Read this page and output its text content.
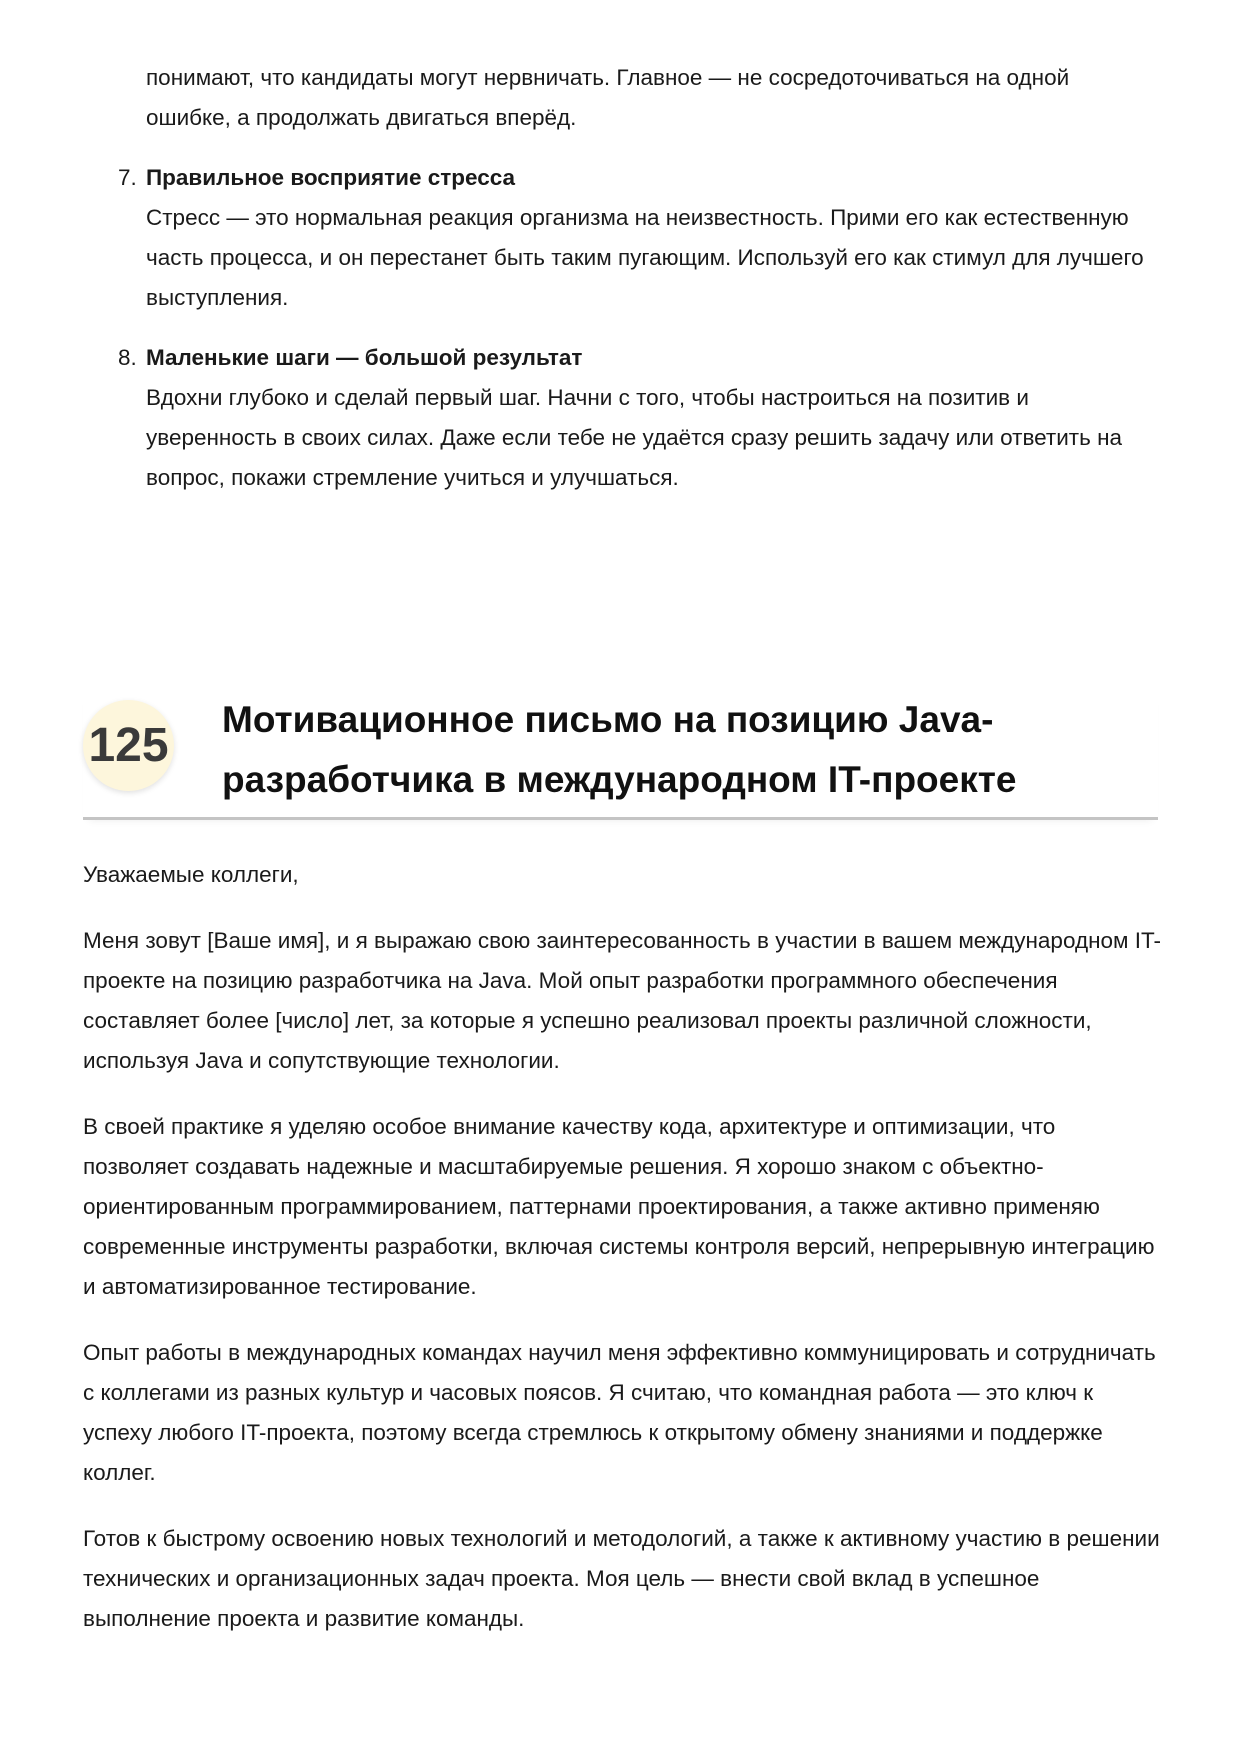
понимают, что кандидаты могут нервничать. Главное — не сосредоточиваться на одной ошибке, а продолжать двигаться вперёд.
7. Правильное восприятие стресса
Стресс — это нормальная реакция организма на неизвестность. Прими его как естественную часть процесса, и он перестанет быть таким пугающим. Используй его как стимул для лучшего выступления.
8. Маленькие шаги — большой результат
Вдохни глубоко и сделай первый шаг. Начни с того, чтобы настроиться на позитив и уверенность в своих силах. Даже если тебе не удаётся сразу решить задачу или ответить на вопрос, покажи стремление учиться и улучшаться.
125 Мотивационное письмо на позицию Java-разработчика в международном IT-проекте

Уважаемые коллеги,

Меня зовут [Ваше имя], и я выражаю свою заинтересованность в участии в вашем международном IT-проекте на позицию разработчика на Java. Мой опыт разработки программного обеспечения составляет более [число] лет, за которые я успешно реализовал проекты различной сложности, используя Java и сопутствующие технологии.

В своей практике я уделяю особое внимание качеству кода, архитектуре и оптимизации, что позволяет создавать надежные и масштабируемые решения. Я хорошо знаком с объектно-ориентированным программированием, паттернами проектирования, а также активно применяю современные инструменты разработки, включая системы контроля версий, непрерывную интеграцию и автоматизированное тестирование.

Опыт работы в международных командах научил меня эффективно коммуницировать и сотрудничать с коллегами из разных культур и часовых поясов. Я считаю, что командная работа — это ключ к успеху любого IT-проекта, поэтому всегда стремлюсь к открытому обмену знаниями и поддержке коллег.

Готов к быстрому освоению новых технологий и методологий, а также к активному участию в решении технических и организационных задач проекта. Моя цель — внести свой вклад в успешное выполнение проекта и развитие команды.
